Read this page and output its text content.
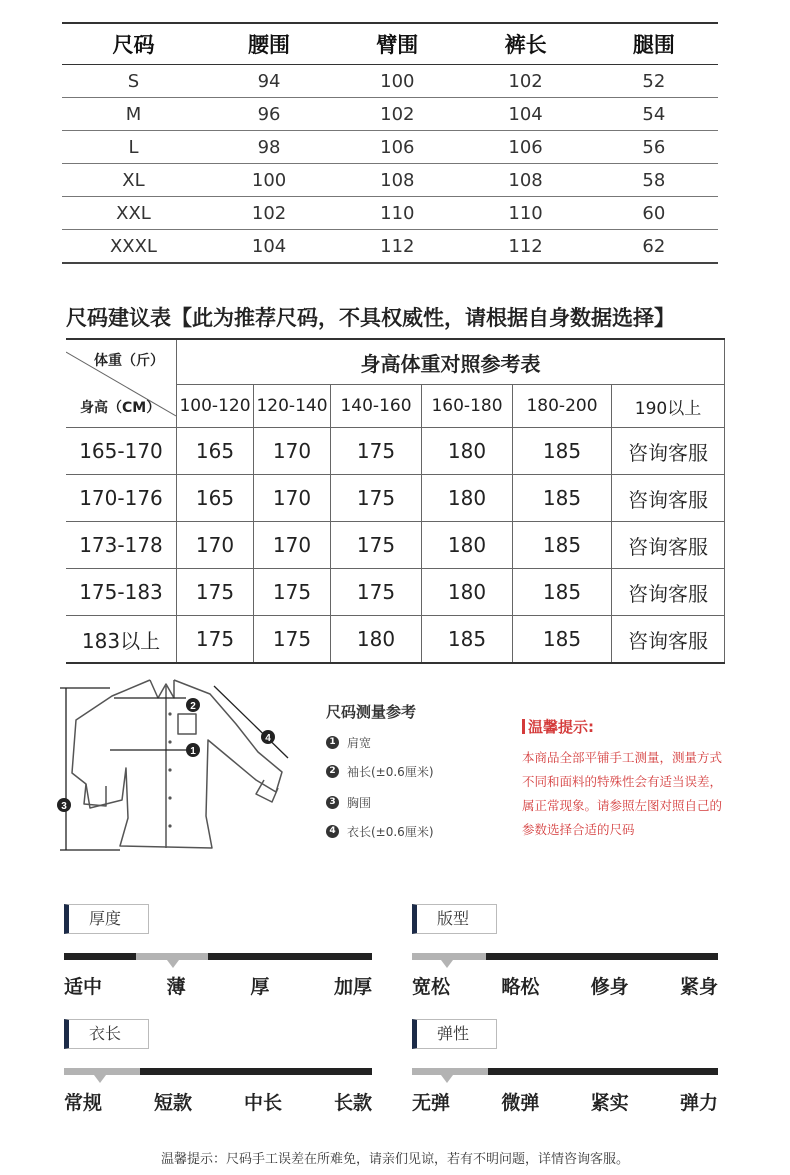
尺码	腰围	臂围	裤长	腿围
S	94	100	102	52
M	96	102	104	54
L	98	106	106	56
XL	100	108	108	58
XXL	102	110	110	60
XXXL	104	112	112	62
尺码建议表【此为推荐尺码，不具权威性，请根据自身数据选择】
体重（斤）
身高（CM）	身高体重对照参考表					
	100-120	120-140	140-160	160-180	180-200	190以上
165-170	165	170	175	180	185	咨询客服
170-176	165	170	175	180	185	咨询客服
173-178	170	170	175	180	185	咨询客服
175-183	175	175	175	180	185	咨询客服
183以上	175	175	180	185	185	咨询客服
2
1
3
4
尺码测量参考
1 肩宽
2 袖长(±0.6厘米)
3 胸围
4 衣长(±0.6厘米)
温馨提示:
本商品全部平铺手工测量，测量方式不同和面料的特殊性会有适当误差，属正常现象。请参照左图对照自己的参数选择合适的尺码
厚度
适中	薄	厚	加厚
版型
宽松	略松	修身	紧身
衣长
常规	短款	中长	长款
弹性
无弹	微弹	紧实	弹力
温馨提示：尺码手工误差在所难免，请亲们见谅，若有不明问题，详情咨询客服。
